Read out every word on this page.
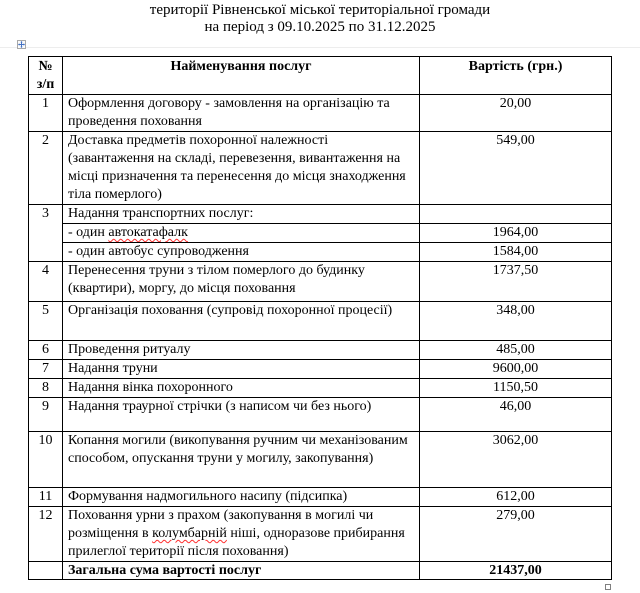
території Рівненської міської територіальної громади
на період з 09.10.2025 по 31.12.2025
№
з/п	Найменування послуг	Вартість (грн.)
1	Оформлення договору - замовлення на організацію та проведення поховання	20,00
2	Доставка предметів похоронної належності (завантаження на складі, перевезення, вивантаження на місці призначення та перенесення до місця знаходження тіла померлого)	549,00
3	Надання транспортних послуг:	
	- один автокатафалк	1964,00
	- один автобус супроводження	1584,00
4	Перенесення труни з тілом померлого до будинку (квартири), моргу, до місця поховання	1737,50
5	Організація поховання (супровід похоронної процесії)	348,00
6	Проведення ритуалу	485,00
7	Надання труни	9600,00
8	Надання вінка похоронного	1150,50
9	Надання траурної стрічки (з написом чи без нього)	46,00
10	Копання могили (викопування ручним чи механізованим способом, опускання труни у могилу, закопування)	3062,00
11	Формування надмогильного насипу (підсипка)	612,00
12	Поховання урни з прахом (закопування в могилі чи розміщення в колумбарній ніші, одноразове прибирання прилеглої території після поховання)	279,00
	Загальна сума вартості послуг	21437,00
